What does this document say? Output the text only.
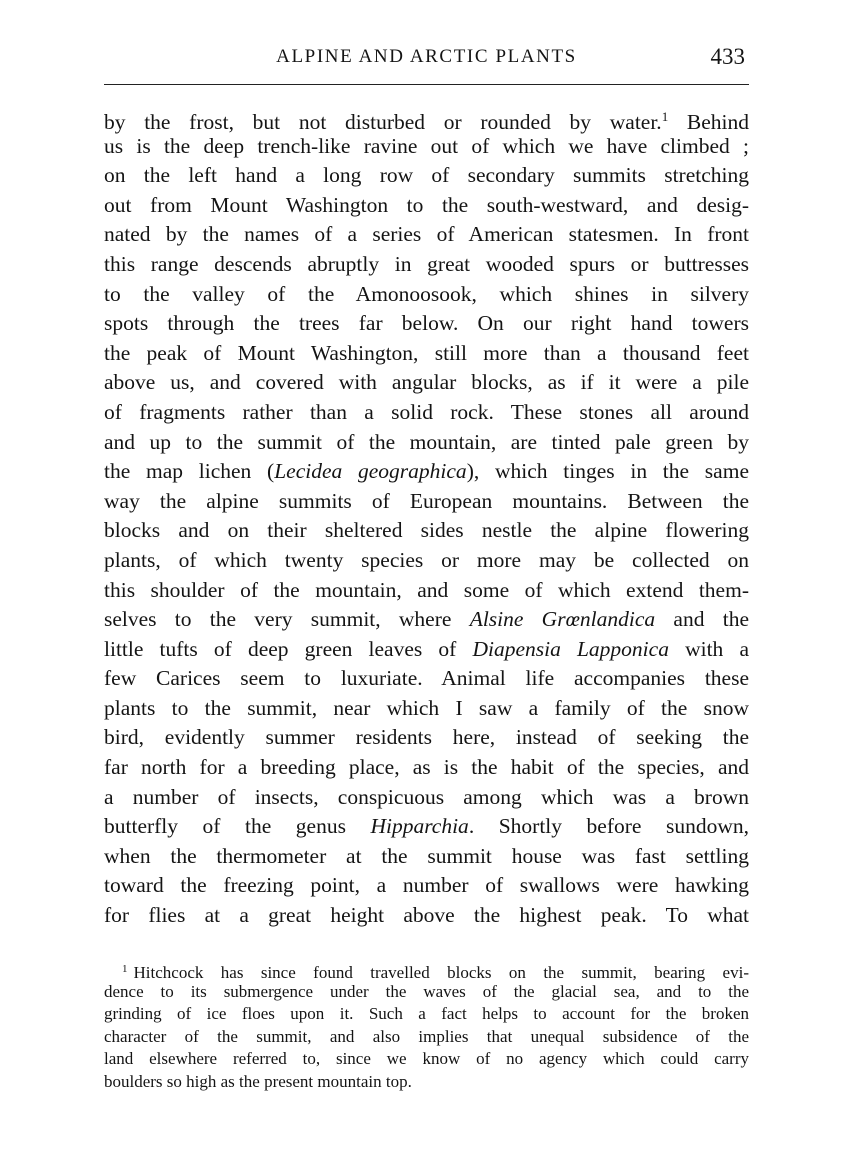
ALPINE AND ARCTIC PLANTS	433
by the frost, but not disturbed or rounded by water.$^1$ Behind
us is the deep trench-like ravine out of which we have climbed ;
on the left hand a long row of secondary summits stretching
out from Mount Washington to the south-westward, and desig-
nated by the names of a series of American statesmen. In front
this range descends abruptly in great wooded spurs or buttresses
to the valley of the Amonoosook, which shines in silvery
spots through the trees far below. On our right hand towers
the peak of Mount Washington, still more than a thousand feet
above us, and covered with angular blocks, as if it were a pile
of fragments rather than a solid rock. These stones all around
and up to the summit of the mountain, are tinted pale green by
the map lichen (Lecidea geographica), which tinges in the same
way the alpine summits of European mountains. Between the
blocks and on their sheltered sides nestle the alpine flowering
plants, of which twenty species or more may be collected on
this shoulder of the mountain, and some of which extend them-
selves to the very summit, where Alsine Grœnlandica and the
little tufts of deep green leaves of Diapensia Lapponica with a
few Carices seem to luxuriate. Animal life accompanies these
plants to the summit, near which I saw a family of the snow
bird, evidently summer residents here, instead of seeking the
far north for a breeding place, as is the habit of the species, and
a number of insects, conspicuous among which was a brown
butterfly of the genus Hipparchia. Shortly before sundown,
when the thermometer at the summit house was fast settling
toward the freezing point, a number of swallows were hawking
for flies at a great height above the highest peak. To what
$^1$ Hitchcock has since found travelled blocks on the summit, bearing evi-
dence to its submergence under the waves of the glacial sea, and to the
grinding of ice floes upon it. Such a fact helps to account for the broken
character of the summit, and also implies that unequal subsidence of the
land elsewhere referred to, since we know of no agency which could carry
boulders so high as the present mountain top.
